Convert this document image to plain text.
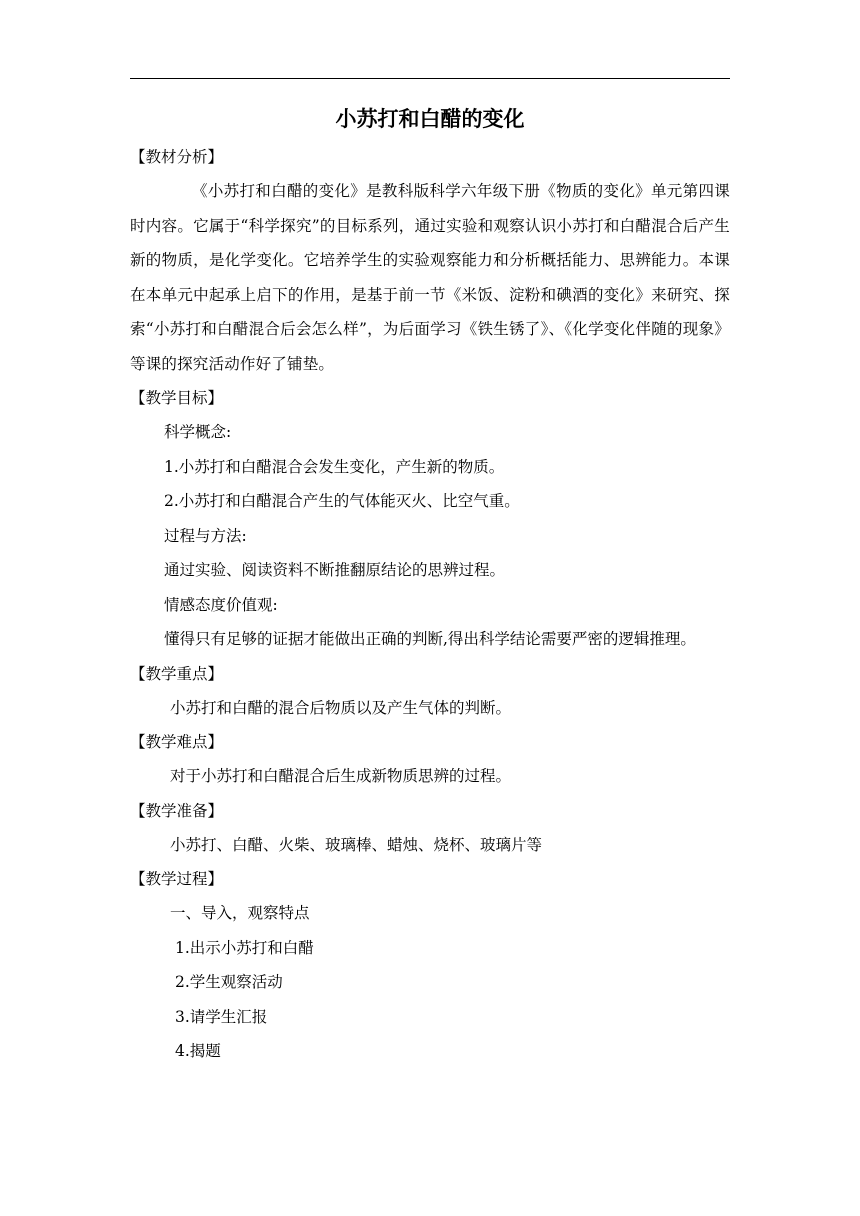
小苏打和白醋的变化

【教材分析】

《小苏打和白醋的变化》是教科版科学六年级下册《物质的变化》单元第四课时内容。它属于“科学探究”的目标系列，通过实验和观察认识小苏打和白醋混合后产生新的物质，是化学变化。它培养学生的实验观察能力和分析概括能力、思辨能力。本课在本单元中起承上启下的作用，是基于前一节《米饭、淀粉和碘酒的变化》来研究、探索“小苏打和白醋混合后会怎么样”，为后面学习《铁生锈了》、《化学变化伴随的现象》等课的探究活动作好了铺垫。

【教学目标】

科学概念:

1.小苏打和白醋混合会发生变化，产生新的物质。

2.小苏打和白醋混合产生的气体能灭火、比空气重。

过程与方法:

通过实验、阅读资料不断推翻原结论的思辨过程。

情感态度价值观:

懂得只有足够的证据才能做出正确的判断,得出科学结论需要严密的逻辑推理。

【教学重点】

小苏打和白醋的混合后物质以及产生气体的判断。

【教学难点】

对于小苏打和白醋混合后生成新物质思辨的过程。

【教学准备】

小苏打、白醋、火柴、玻璃棒、蜡烛、烧杯、玻璃片等

【教学过程】

一、导入，观察特点

1.出示小苏打和白醋

2.学生观察活动

3.请学生汇报

4.揭题
